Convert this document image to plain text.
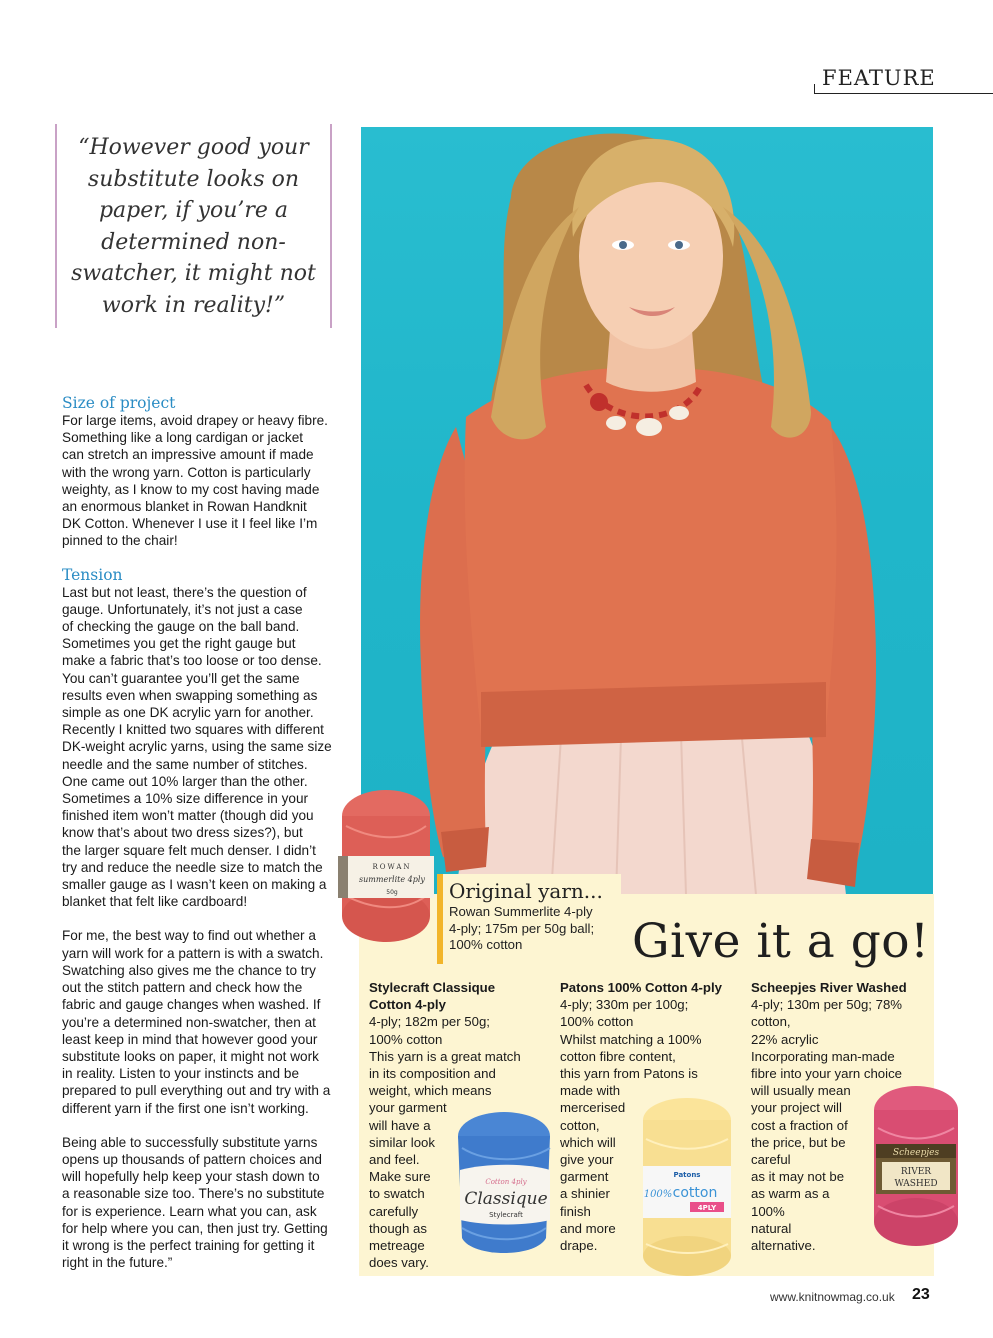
FEATURE

“However good your substitute looks on paper, if you’re a determined non-swatcher, it might not work in reality!”

Size of project

For large items, avoid drapey or heavy fibre.

Something like a long cardigan or jacket

can stretch an impressive amount if made

with the wrong yarn. Cotton is particularly

weighty, as I know to my cost having made

an enormous blanket in Rowan Handknit

DK Cotton. Whenever I use it I feel like I’m

pinned to the chair!

Tension

Last but not least, there’s the question of

gauge. Unfortunately, it’s not just a case

of checking the gauge on the ball band.

Sometimes you get the right gauge but

make a fabric that’s too loose or too dense.

You can’t guarantee you’ll get the same

results even when swapping something as

simple as one DK acrylic yarn for another.

Recently I knitted two squares with different

DK-weight acrylic yarns, using the same size

needle and the same number of stitches.

One came out 10% larger than the other.

Sometimes a 10% size difference in your

finished item won’t matter (though did you

know that’s about two dress sizes?), but

the larger square felt much denser. I didn’t

try and reduce the needle size to match the

smaller gauge as I wasn’t keen on making a

blanket that felt like cardboard!

For me, the best way to find out whether a

yarn will work for a pattern is with a swatch.

Swatching also gives me the chance to try

out the stitch pattern and check how the

fabric and gauge changes when washed. If

you’re a determined non-swatcher, then at

least keep in mind that however good your

substitute looks on paper, it might not work

in reality. Listen to your instincts and be

prepared to pull everything out and try with a

different yarn if the first one isn’t working.

Being able to successfully substitute yarns

opens up thousands of pattern choices and

will hopefully help keep your stash down to

a reasonable size too. There’s no substitute

for is experience. Learn what you can, ask

for help where you can, then just try. Getting

it wrong is the perfect training for getting it

right in the future.”

Original yarn...
Rowan Summerlite 4-ply
4-ply; 175m per 50g ball;
100% cotton
ROWAN
summerlite 4ply
50g
Give it a go!

Stylecraft Classique

Cotton 4-ply

4-ply; 182m per 50g;

100% cotton

This yarn is a great match

in its composition and

weight, which means

your garment

will have a

similar look

and feel.

Make sure

to swatch

carefully

though as

metreage

does vary.

Patons 100% Cotton 4-ply

4-ply; 330m per 100g;

100% cotton

Whilst matching a 100%

cotton fibre content,

this yarn from Patons is

made with

mercerised

cotton,

which will

give your

garment

a shinier

finish

and more

drape.

Scheepjes River Washed

4-ply; 130m per 50g; 78%

cotton,

22% acrylic

Incorporating man-made

fibre into your yarn choice

will usually mean

your project will

cost a fraction of

the price, but be

careful

as it may not be

as warm as a

100%

natural

alternative.

Cotton 4ply
Classique
Stylecraft
Patons
100% cotton
4PLY
Scheepjes
RIVER
WASHED
www.knitnowmag.co.uk 23
